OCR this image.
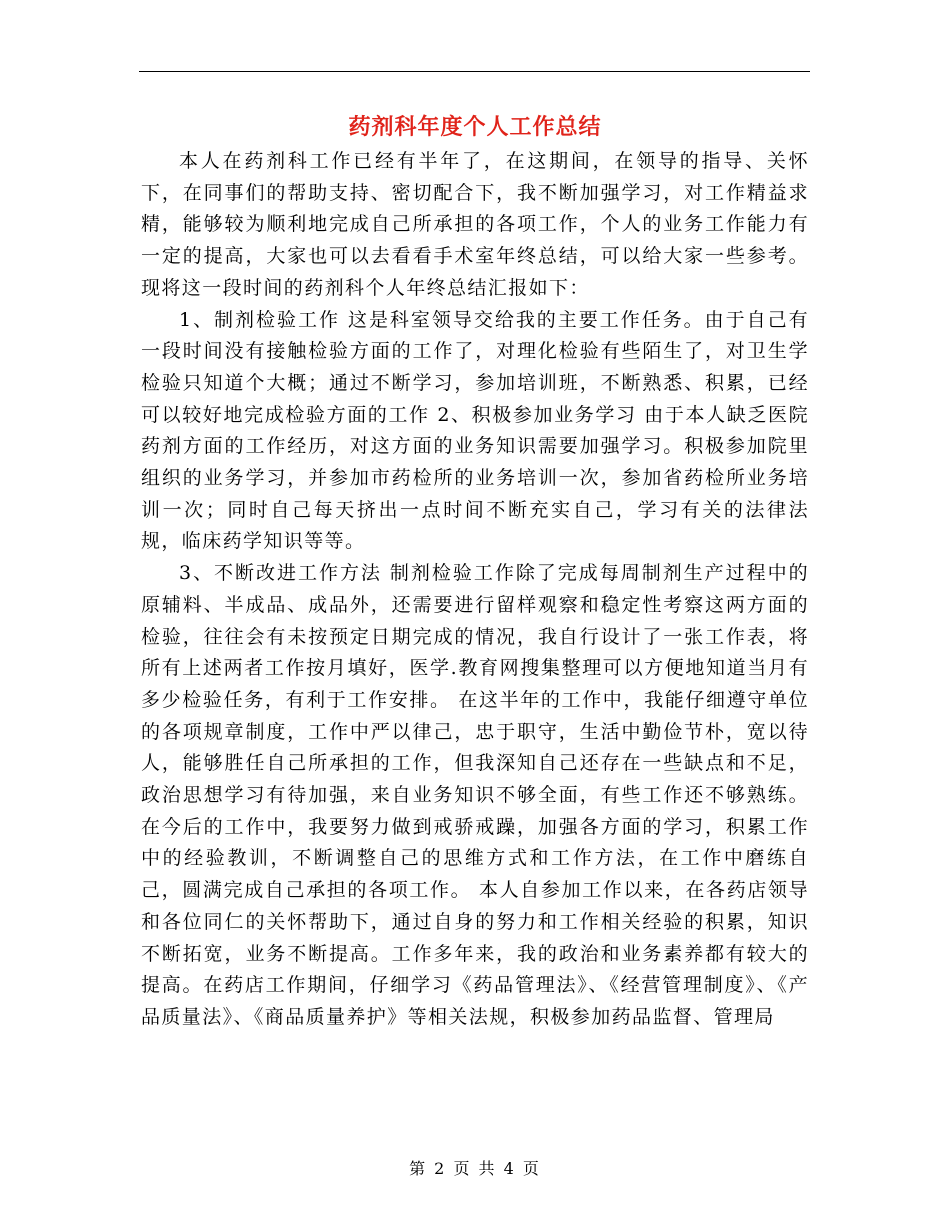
药剂科年度个人工作总结

本人在药剂科工作已经有半年了，在这期间，在领导的指导、关怀下，在同事们的帮助支持、密切配合下，我不断加强学习，对工作精益求精，能够较为顺利地完成自己所承担的各项工作，个人的业务工作能力有一定的提高，大家也可以去看看手术室年终总结，可以给大家一些参考。现将这一段时间的药剂科个人年终总结汇报如下：

1、制剂检验工作 这是科室领导交给我的主要工作任务。由于自己有一段时间没有接触检验方面的工作了，对理化检验有些陌生了，对卫生学检验只知道个大概；通过不断学习，参加培训班，不断熟悉、积累，已经可以较好地完成检验方面的工作 2、积极参加业务学习 由于本人缺乏医院药剂方面的工作经历，对这方面的业务知识需要加强学习。积极参加院里组织的业务学习，并参加市药检所的业务培训一次，参加省药检所业务培训一次；同时自己每天挤出一点时间不断充实自己，学习有关的法律法规，临床药学知识等等。

3、不断改进工作方法 制剂检验工作除了完成每周制剂生产过程中的原辅料、半成品、成品外，还需要进行留样观察和稳定性考察这两方面的检验，往往会有未按预定日期完成的情况，我自行设计了一张工作表，将所有上述两者工作按月填好，医学.教育网搜集整理可以方便地知道当月有多少检验任务，有利于工作安排。 在这半年的工作中，我能仔细遵守单位的各项规章制度，工作中严以律己，忠于职守，生活中勤俭节朴，宽以待人，能够胜任自己所承担的工作，但我深知自己还存在一些缺点和不足，政治思想学习有待加强，来自业务知识不够全面，有些工作还不够熟练。在今后的工作中，我要努力做到戒骄戒躁，加强各方面的学习，积累工作中的经验教训，不断调整自己的思维方式和工作方法，在工作中磨练自己，圆满完成自己承担的各项工作。 本人自参加工作以来，在各药店领导和各位同仁的关怀帮助下，通过自身的努力和工作相关经验的积累，知识不断拓宽，业务不断提高。工作多年来，我的政治和业务素养都有较大的提高。在药店工作期间，仔细学习《药品管理法》、《经营管理制度》、《产品质量法》、《商品质量养护》等相关法规，积极参加药品监督、管理局

第 2 页 共 4 页
